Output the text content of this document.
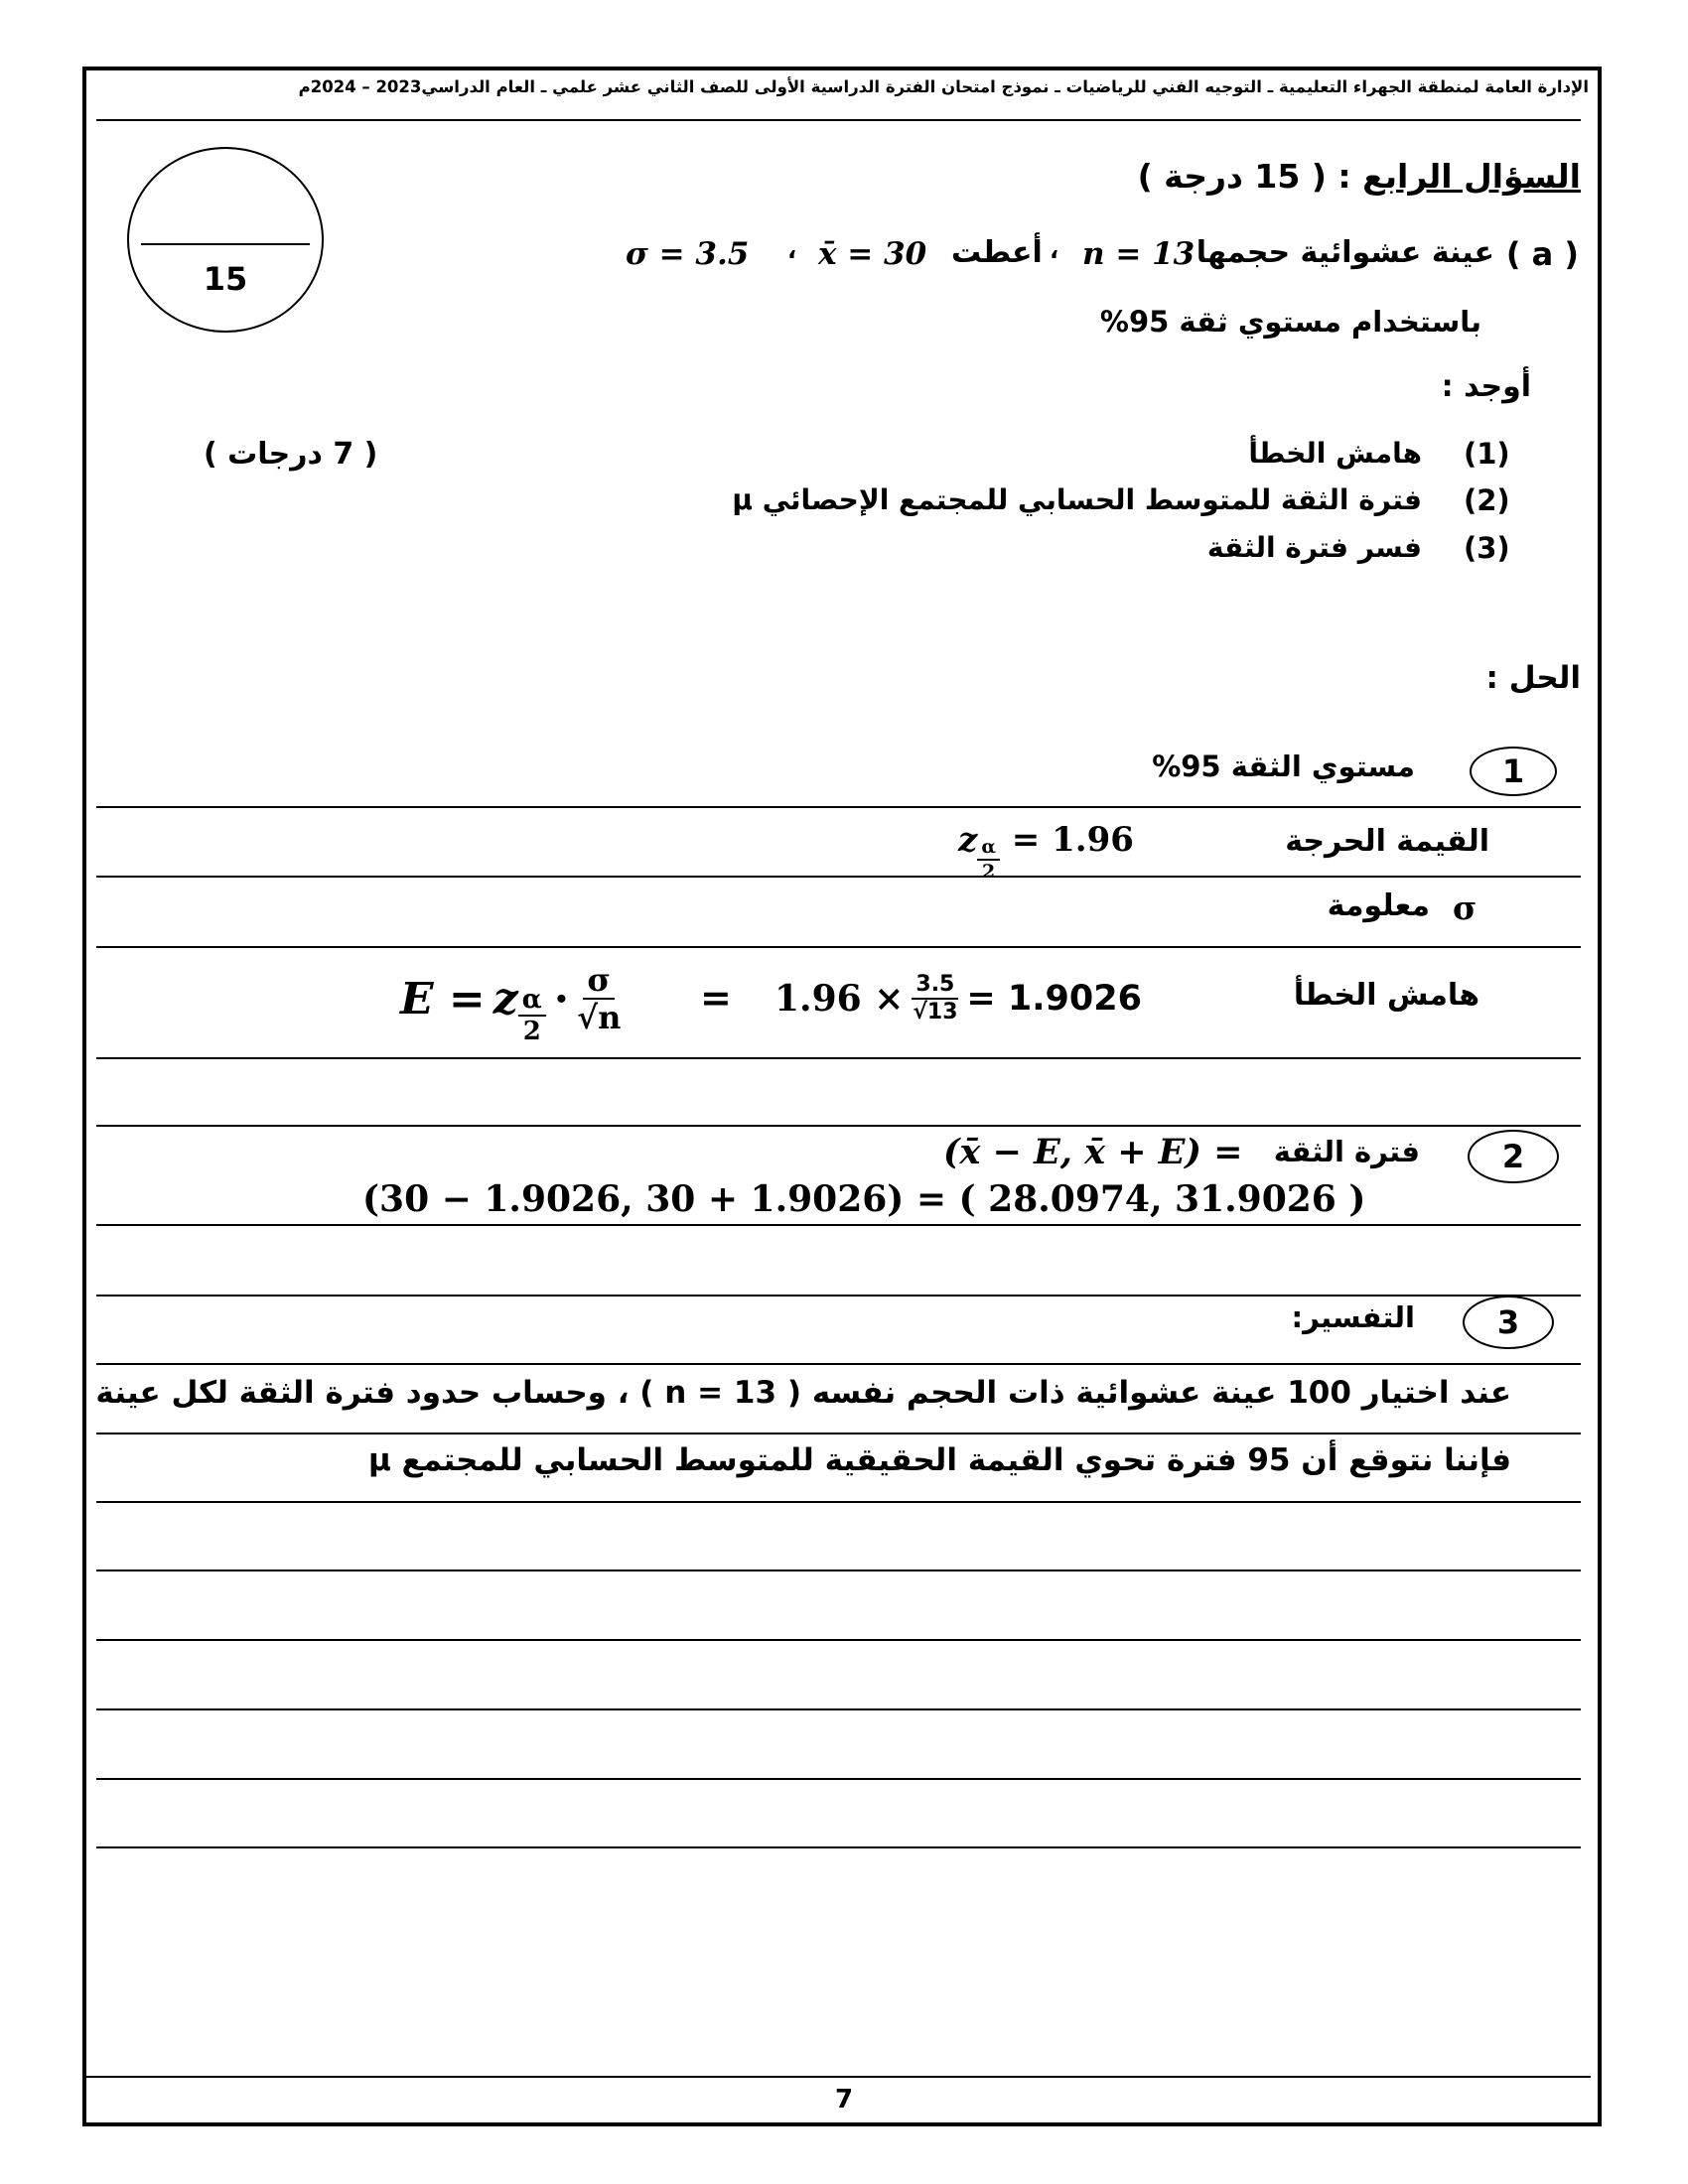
الإدارة العامة لمنطقة الجهراء التعليمية ـ التوجيه الفني للرياضيات ـ نموذج امتحان الفترة الدراسية الأولى للصف الثاني عشر علمي ـ العام الدراسي2023 – 2024م
15
السؤال الرابع : ( 15 درجة )
( a )
عينة عشوائية حجمها
n = 13
،
أعطت
x̄ = 30
،
σ = 3.5
باستخدام مستوي ثقة 95%
أوجد :
(1)
هامش الخطأ
(2)
فترة الثقة للمتوسط الحسابي للمجتمع الإحصائي μ
(3)
فسر فترة الثقة
( 7 درجات )
الحل :
1
مستوي الثقة 95%
القيمة الحرجة
z $\frac{\alpha}{2} = 1.96$
معلومة σ
هامش الخطأ
E = z $\frac{\alpha}{2} \cdot \frac{\sigma}{√n} = 1.96 \times \frac{3.5}{√13} = 1.9026$
2
فترة الثقة
(x̄ − E, x̄ + E) =
(30 − 1.9026, 30 + 1.9026) = ( 28.0974, 31.9026 )
3
التفسير:
عند اختيار 100 عينة عشوائية ذات الحجم نفسه ( n = 13 ) ، وحساب حدود فترة الثقة لكل عينة
فإننا نتوقع أن 95 فترة تحوي القيمة الحقيقية للمتوسط الحسابي للمجتمع μ
7
